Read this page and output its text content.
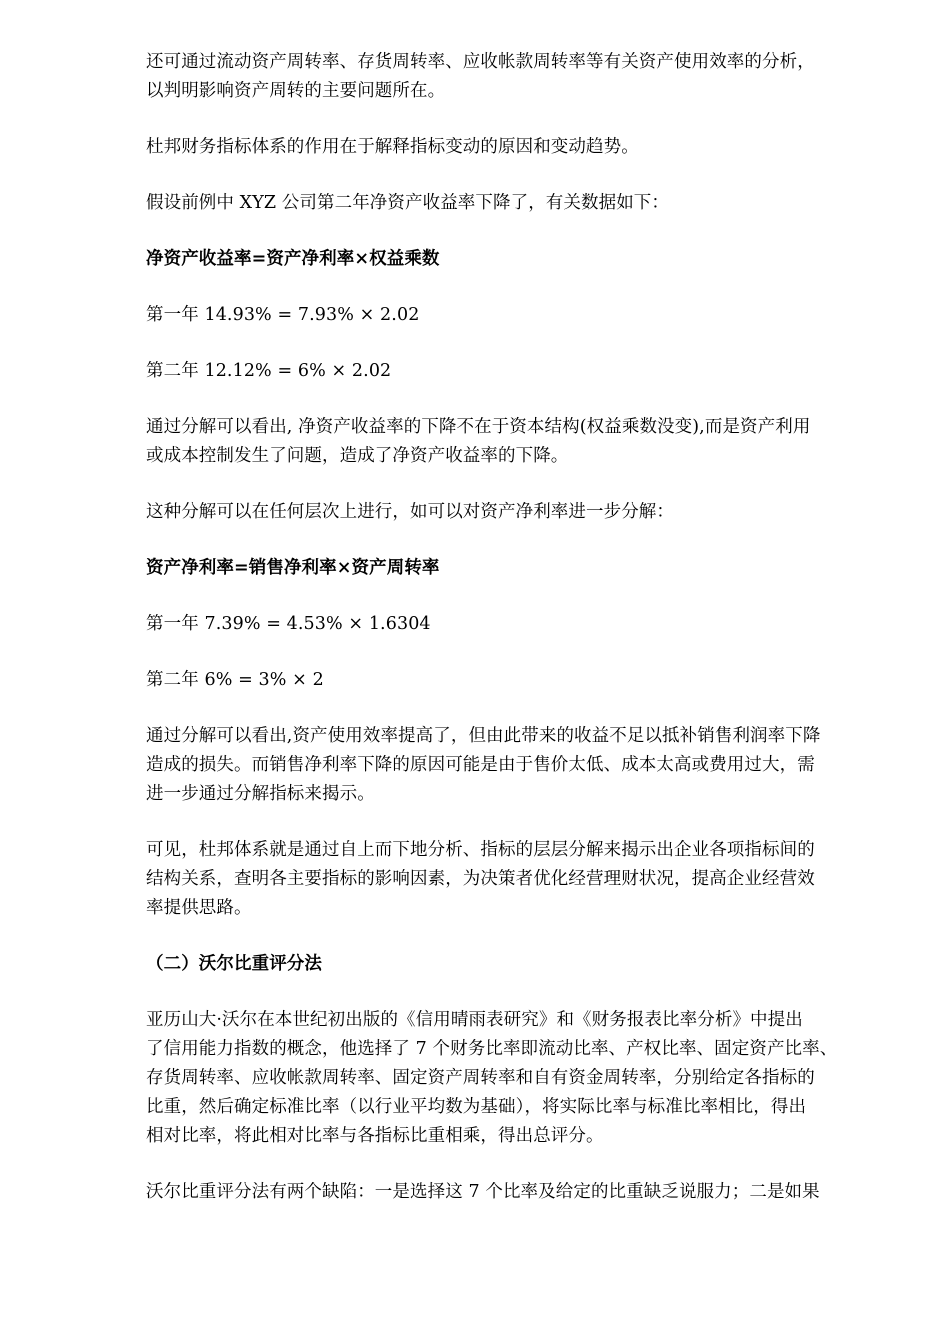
还可通过流动资产周转率、存货周转率、应收帐款周转率等有关资产使用效率的分析，
以判明影响资产周转的主要问题所在。
杜邦财务指标体系的作用在于解释指标变动的原因和变动趋势。
假设前例中 XYZ 公司第二年净资产收益率下降了，有关数据如下：
净资产收益率=资产净利率×权益乘数
第一年 14.93% = 7.93% × 2.02
第二年 12.12% = 6% × 2.02
通过分解可以看出, 净资产收益率的下降不在于资本结构(权益乘数没变),而是资产利用
或成本控制发生了问题，造成了净资产收益率的下降。
这种分解可以在任何层次上进行，如可以对资产净利率进一步分解：
资产净利率=销售净利率×资产周转率
第一年 7.39% = 4.53% × 1.6304
第二年 6% = 3% × 2
通过分解可以看出,资产使用效率提高了，但由此带来的收益不足以抵补销售利润率下降
造成的损失。而销售净利率下降的原因可能是由于售价太低、成本太高或费用过大，需
进一步通过分解指标来揭示。
可见，杜邦体系就是通过自上而下地分析、指标的层层分解来揭示出企业各项指标间的
结构关系，查明各主要指标的影响因素，为决策者优化经营理财状况，提高企业经营效
率提供思路。
（二）沃尔比重评分法
亚历山大·沃尔在本世纪初出版的《信用晴雨表研究》和《财务报表比率分析》中提出
了信用能力指数的概念，他选择了 7 个财务比率即流动比率、产权比率、固定资产比率、
存货周转率、应收帐款周转率、固定资产周转率和自有资金周转率，分别给定各指标的
比重，然后确定标准比率（以行业平均数为基础），将实际比率与标准比率相比，得出
相对比率，将此相对比率与各指标比重相乘，得出总评分。
沃尔比重评分法有两个缺陷：一是选择这 7 个比率及给定的比重缺乏说服力；二是如果
